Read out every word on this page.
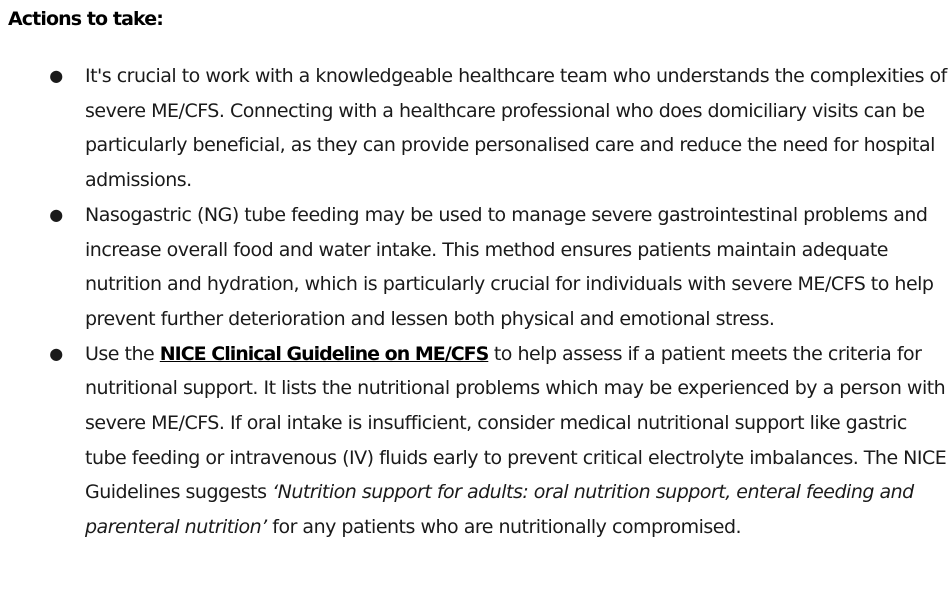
Actions to take:
● It's crucial to work with a knowledgeable healthcare team who understands the complexities of severe ME/CFS. Connecting with a healthcare professional who does domiciliary visits can be particularly beneficial, as they can provide personalised care and reduce the need for hospital admissions.
● Nasogastric (NG) tube feeding may be used to manage severe gastrointestinal problems and increase overall food and water intake. This method ensures patients maintain adequate nutrition and hydration, which is particularly crucial for individuals with severe ME/CFS to help prevent further deterioration and lessen both physical and emotional stress.
● Use the NICE Clinical Guideline on ME/CFS to help assess if a patient meets the criteria for nutritional support. It lists the nutritional problems which may be experienced by a person with severe ME/CFS. If oral intake is insufficient, consider medical nutritional support like gastric tube feeding or intravenous (IV) fluids early to prevent critical electrolyte imbalances. The NICE Guidelines suggests ‘Nutrition support for adults: oral nutrition support, enteral feeding and parenteral nutrition’ for any patients who are nutritionally compromised.
